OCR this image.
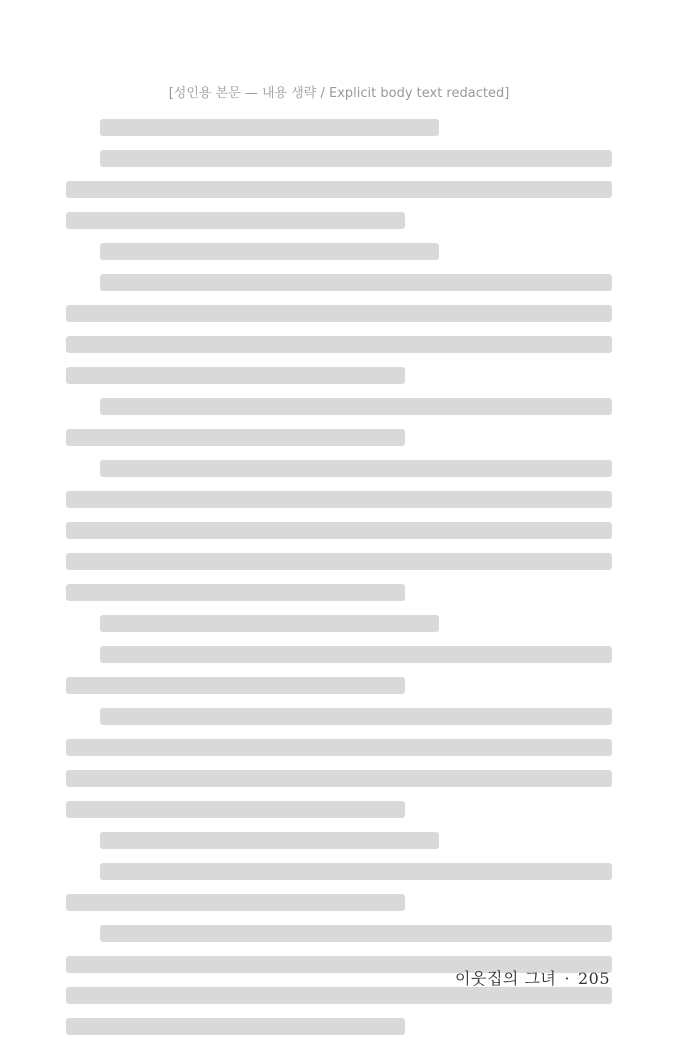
[성인용 본문 — 내용 생략 / Explicit body text redacted]
이웃집의 그녀 · 205
